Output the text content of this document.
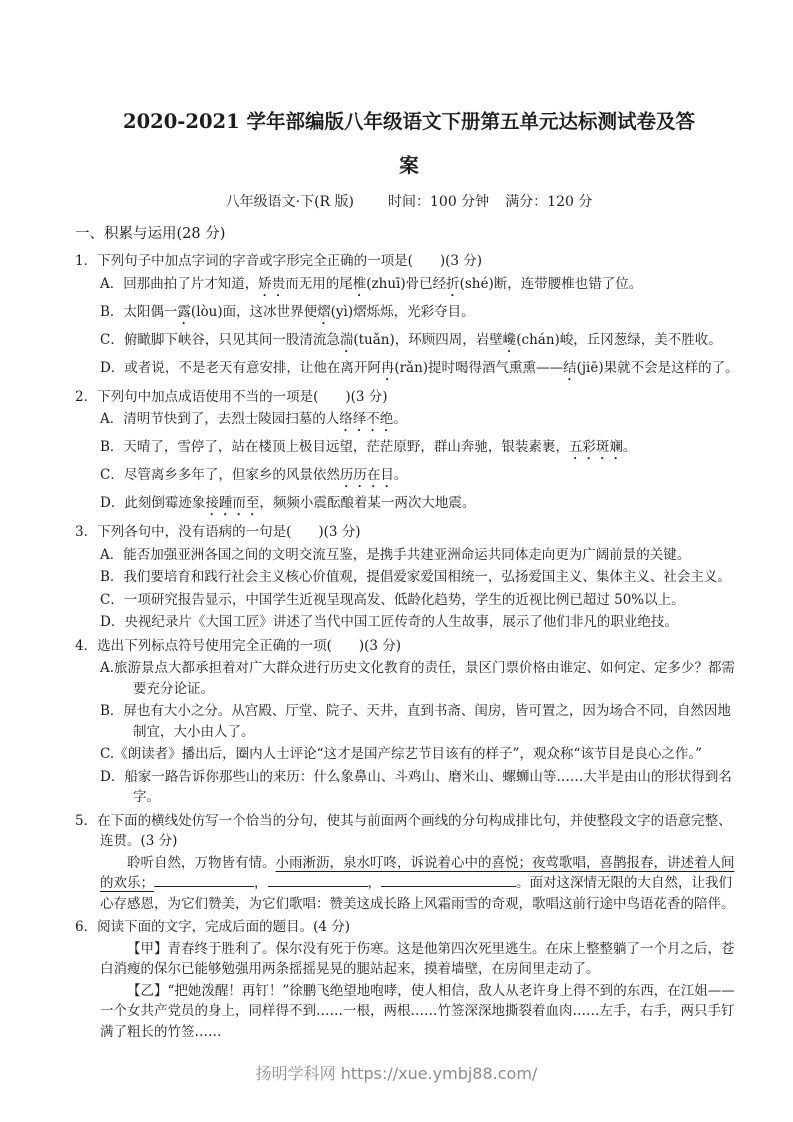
2020-2021 学年部编版八年级语文下册第五单元达标测试卷及答案
八年级语文·下(R 版) 时间：100 分钟 满分：120 分
一、积累与运用(28 分)
1．下列句子中加点字词的字音或字形完全正确的一项是(　　)(3 分)
A．回那曲拍了片才知道，矫贵而无用的尾椎(zhuī)骨已经折(shé)断，连带腰椎也错了位。
B．太阳偶一露(lòu)面，这冰世界便熠(yì)熠烁烁，光彩夺目。
C．俯瞰脚下峡谷，只见其间一股清流急湍(tuǎn)，环顾四周，岩壁巉(chán)峻，丘冈葱绿，美不胜收。
D．或者说，不是老天有意安排，让他在离开阿冉(rǎn)提时喝得酒气熏熏——结(jiē)果就不会是这样的了。
2．下列句中加点成语使用不当的一项是(　　)(3 分)
A．清明节快到了，去烈士陵园扫墓的人络绎不绝。
B．天晴了，雪停了，站在楼顶上极目远望，茫茫原野，群山奔驰，银装素裹，五彩斑斓。
C．尽管离乡多年了，但家乡的风景依然历历在目。
D．此刻倒霉迹象接踵而至，频频小震酝酿着某一两次大地震。
3．下列各句中，没有语病的一句是(　　)(3 分)
A．能否加强亚洲各国之间的文明交流互鉴，是携手共建亚洲命运共同体走向更为广阔前景的关键。
B．我们要培育和践行社会主义核心价值观，提倡爱家爱国相统一，弘扬爱国主义、集体主义、社会主义。
C．一项研究报告显示，中国学生近视呈现高发、低龄化趋势，学生的近视比例已超过 50%以上。
D．央视纪录片《大国工匠》讲述了当代中国工匠传奇的人生故事，展示了他们非凡的职业绝技。
4．选出下列标点符号使用完全正确的一项(　　)(3 分)
A.旅游景点大都承担着对广大群众进行历史文化教育的责任，景区门票价格由谁定、如何定、定多少？都需要充分论证。
B．屏也有大小之分。从宫殿、厅堂、院子、天井，直到书斋、闺房，皆可置之，因为场合不同，自然因地制宜，大小由人了。
C.《朗读者》播出后，圈内人士评论“这才是国产综艺节目该有的样子”，观众称“该节目是良心之作。”
D．船家一路告诉你那些山的来历：什么象鼻山、斗鸡山、磨米山、螺蛳山等……大半是由山的形状得到名字。
5．在下面的横线处仿写一个恰当的分句，使其与前面两个画线的分句构成排比句，并使整段文字的语意完整、连贯。(3 分)
聆听自然，万物皆有情。小雨淅沥，泉水叮咚，诉说着心中的喜悦；夜莺歌唱，喜鹊报春，讲述着人间的欢乐；	，	，	。面对这深情无限的大自然，让我们心存感恩，为它们赞美，为它们歌唱：赞美这成长路上风霜雨雪的奇观，歌唱这前行途中鸟语花香的陪伴。
6．阅读下面的文字，完成后面的题目。(4 分)
【甲】青春终于胜利了。保尔没有死于伤寒。这是他第四次死里逃生。在床上整整躺了一个月之后，苍白消瘦的保尔已能够勉强用两条摇摇晃晃的腿站起来，摸着墙壁，在房间里走动了。
【乙】“把她泼醒！再钉！”徐鹏飞绝望地咆哮，使人相信，敌人从老许身上得不到的东西，在江姐——一个女共产党员的身上，同样得不到……一根，两根……竹签深深地撕裂着血肉……左手，右手，两只手钉满了粗长的竹签……
扬明学科网 https://xue.ymbj88.com/
